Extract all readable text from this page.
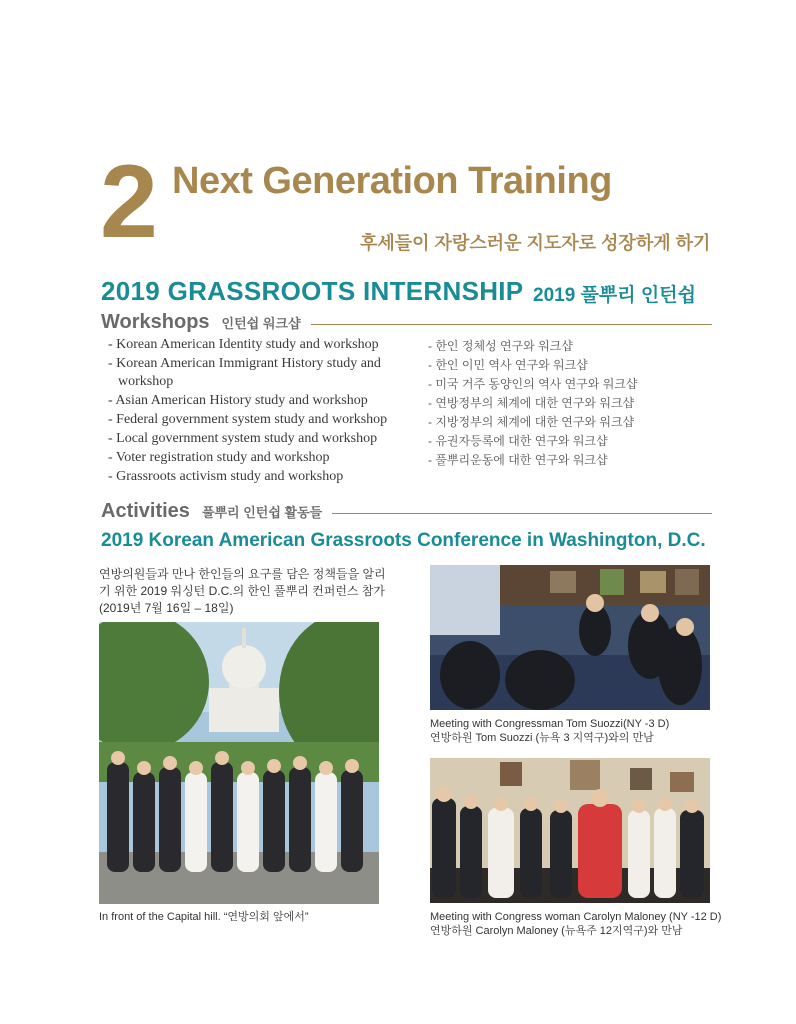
2 Next Generation Training
후세들이 자랑스러운 지도자로 성장하게 하기
2019 GRASSROOTS INTERNSHIP 2019 풀뿌리 인턴쉽
Workshops 인턴쉽 워크샵
- Korean American Identity study and workshop
- Korean American Immigrant History study and workshop
- Asian American History study and workshop
- Federal government system study and workshop
- Local government system study and workshop
- Voter registration study and workshop
- Grassroots activism study and workshop
- 한인 정체성 연구와 워크샵
- 한인 이민 역사 연구와 워크샵
- 미국 거주 동양인의 역사 연구와 워크샵
- 연방정부의 체계에 대한 연구와 워크샵
- 지방정부의 체계에 대한 연구와 워크샵
- 유권자등록에 대한 연구와 워크샵
- 풀뿌리운동에 대한 연구와 워크샵
Activities 풀뿌리 인턴쉽 활동들
2019 Korean American Grassroots Conference in Washington, D.C.
연방의원들과 만나 한인들의 요구를 담은 정책들을 알리기 위한 2019 워싱턴 D.C.의 한인 풀뿌리 컨퍼런스 참가(2019년 7월 16일 – 18일)
In front of the Capital hill. “연방의회 앞에서”
Meeting with Congressman Tom Suozzi(NY -3 D)
연방하원 Tom Suozzi (뉴욕 3 지역구)와의 만남
Meeting with Congress woman Carolyn Maloney (NY -12 D)
연방하원 Carolyn Maloney (뉴욕주 12지역구)와 만남
